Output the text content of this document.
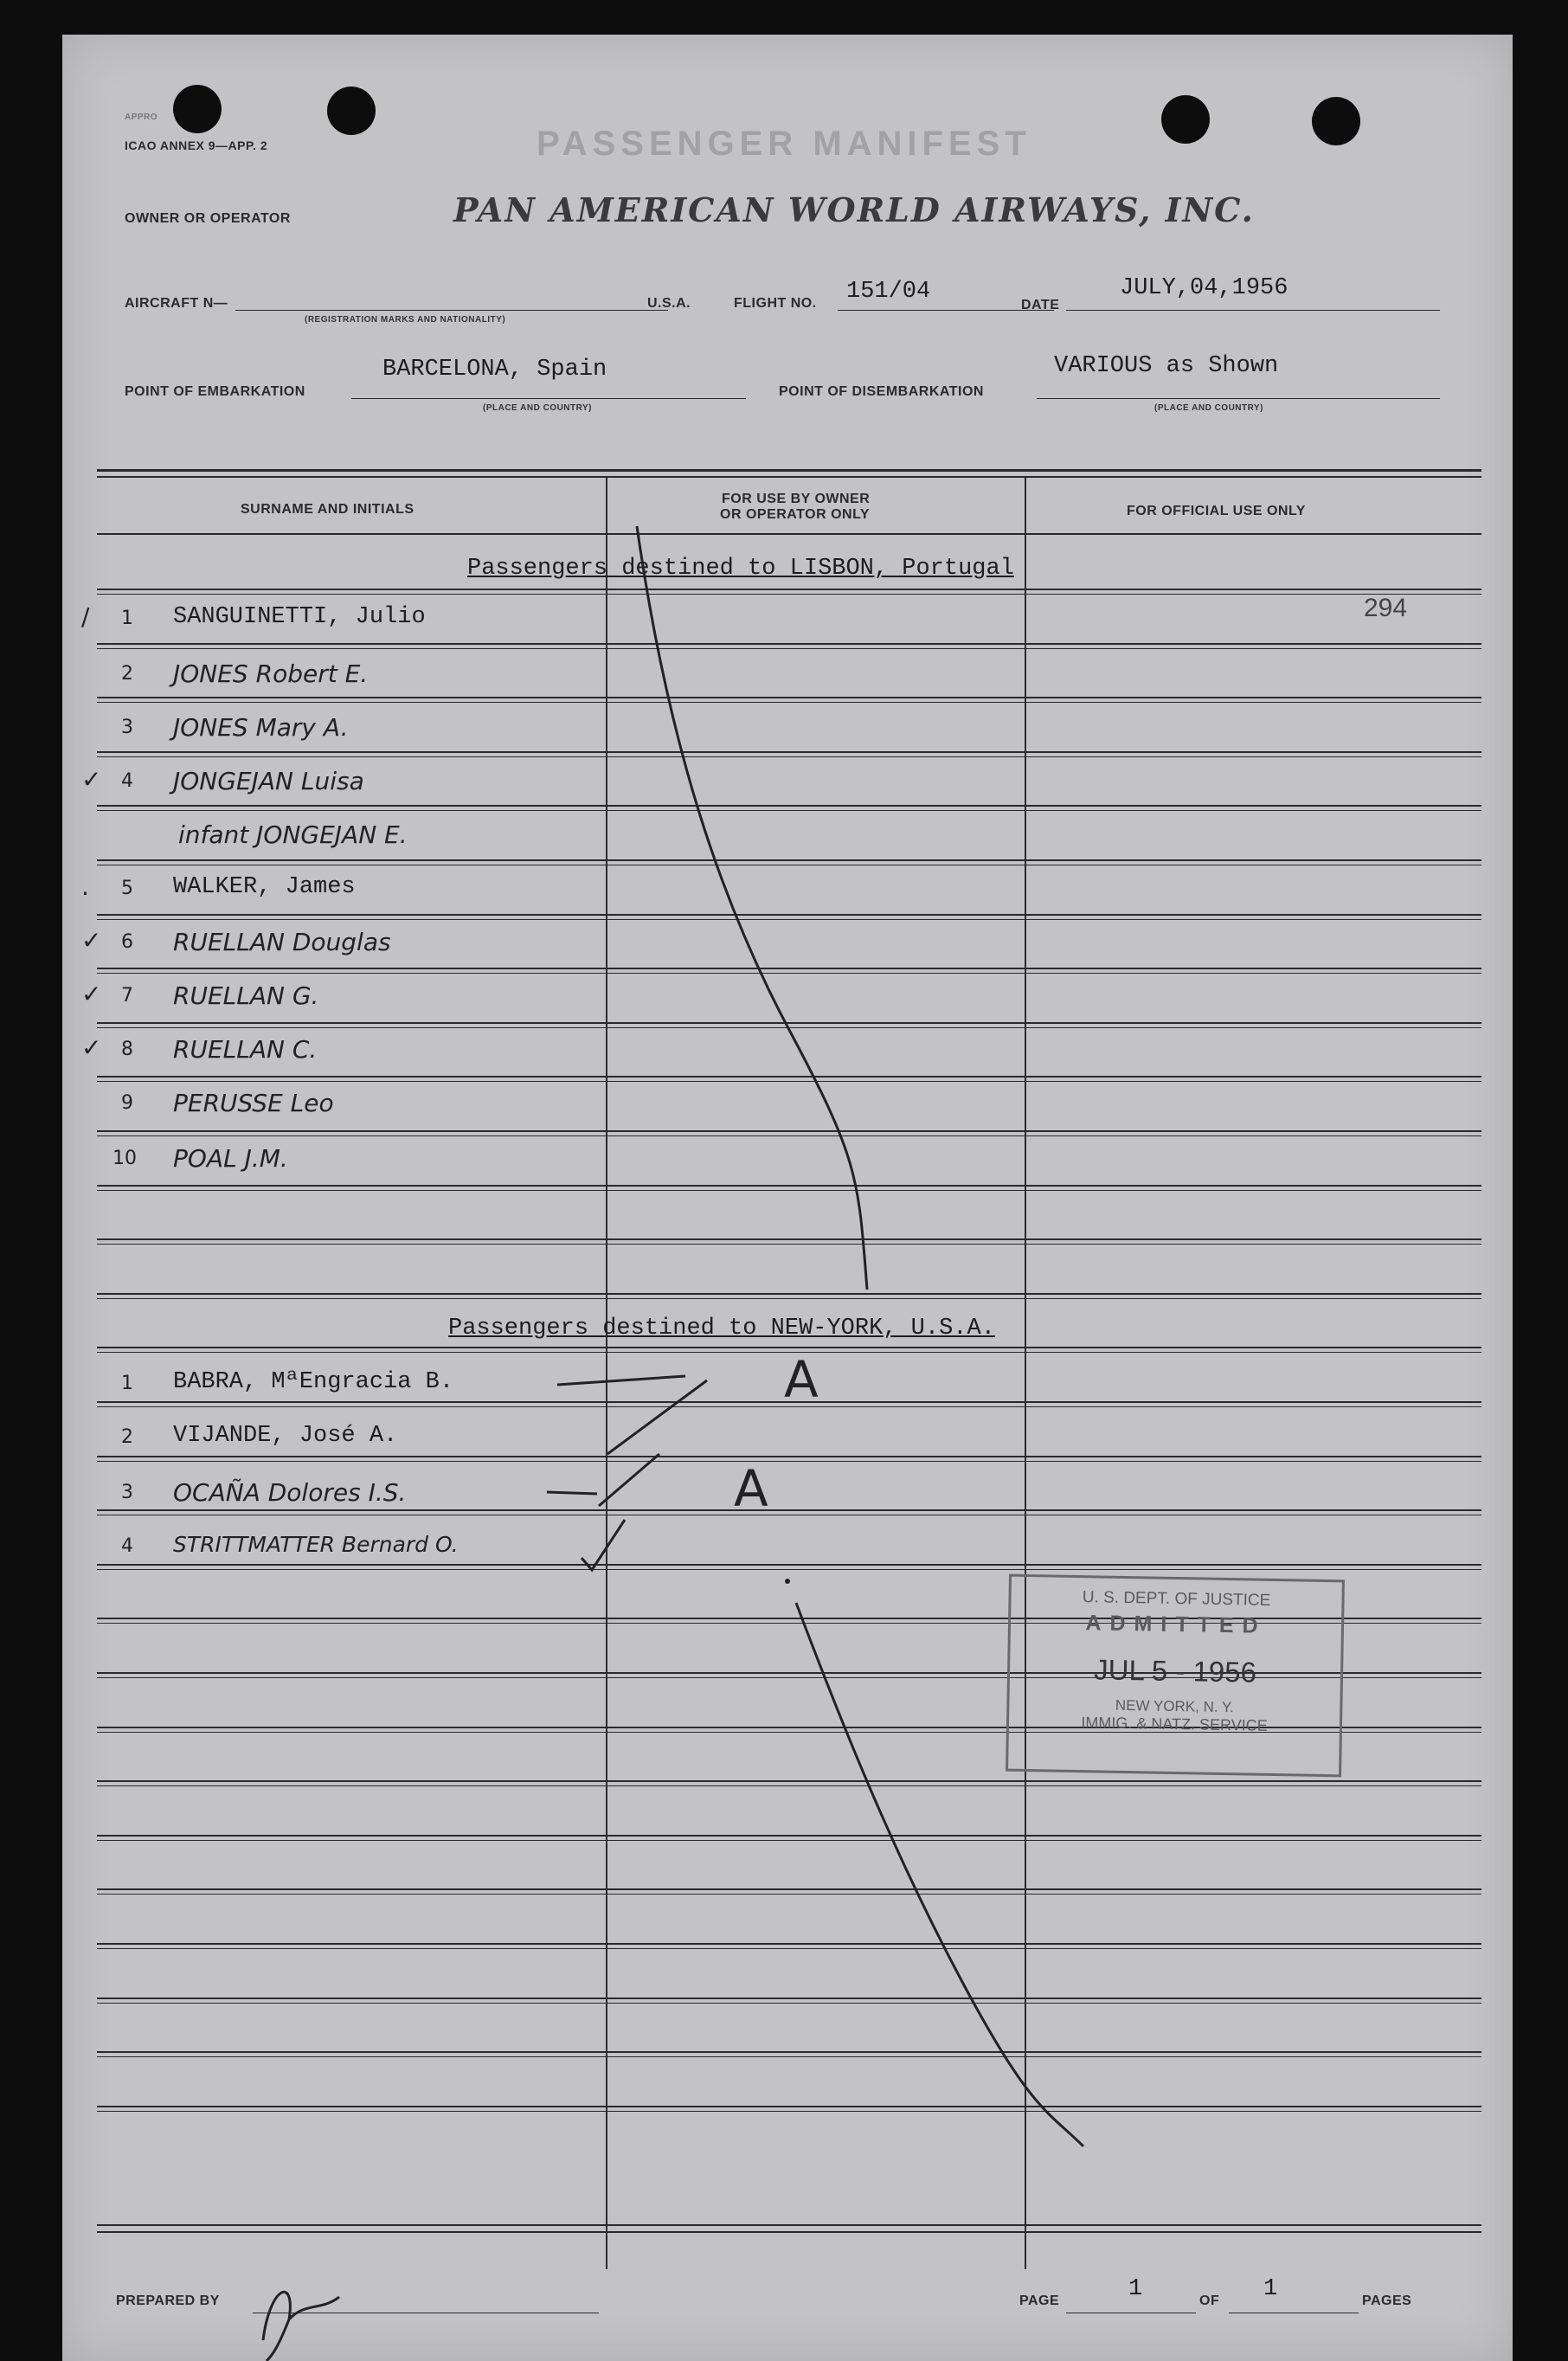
APPRO
ICAO ANNEX 9—APP. 2	PASSENGER MANIFEST
OWNER OR OPERATOR	PAN AMERICAN WORLD AIRWAYS, INC.
AIRCRAFT N—
(REGISTRATION MARKS AND NATIONALITY)
U.S.A.	FLIGHT NO. 151/04
DATE
JULY,04,1956
POINT OF EMBARKATION
BARCELONA, Spain
(PLACE AND COUNTRY)
POINT OF DISEMBARKATION
VARIOUS as Shown
(PLACE AND COUNTRY)
SURNAME AND INITIALS
FOR USE BY OWNER
OR OPERATOR ONLY	FOR OFFICIAL USE ONLY
Passengers destined to LISBON, Portugal
294
/ 1 SANGUINETTI, Julio
2 JONES Robert E.
3 JONES Mary A.
✓ 4 JONGEJAN Luisa
infant JONGEJAN E.
. 5 WALKER, James
✓ 6 RUELLAN Douglas
✓ 7 RUELLAN G.
✓ 8 RUELLAN C.
9 PERUSSE Leo
10 POAL J.M.
Passengers destined to NEW-YORK, U.S.A.
1 BABRA, MªEngracia B.
2 VIJANDE, José A.
3 OCAÑA Dolores I.S.
4 STRITTMATTER Bernard O.
A
A
U. S. DEPT. OF JUSTICE
ADMITTED
JUL 5 - 1956
NEW YORK, N. Y.
IMMIG. & NATZ. SERVICE
PREPARED BY	PAGE	1	OF 1	PAGES
